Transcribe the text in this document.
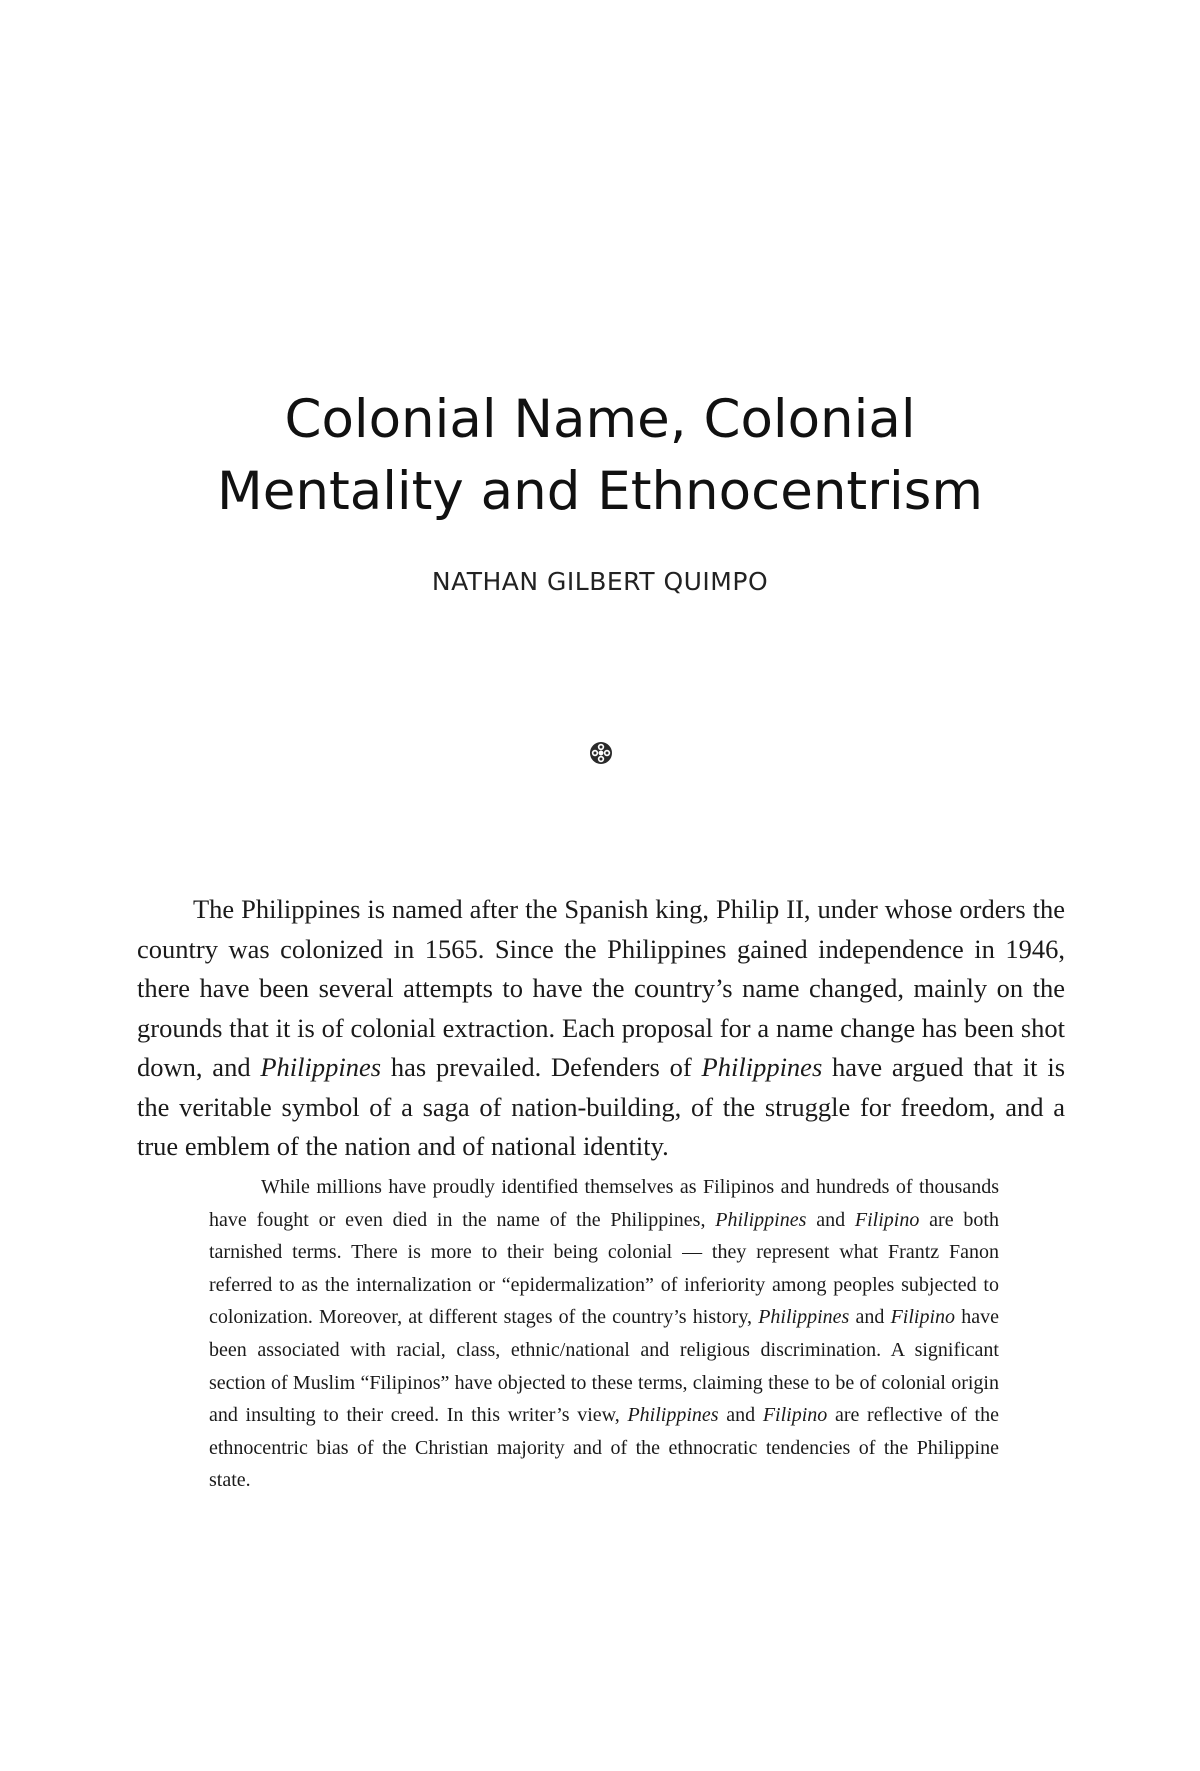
Colonial Name, Colonial
Mentality and Ethnocentrism
NATHAN GILBERT QUIMPO

The Philippines is named after the Spanish king, Philip II, under whose orders the country was colonized in 1565. Since the Philippines gained independence in 1946, there have been several attempts to have the country’s name changed, mainly on the grounds that it is of colonial extraction. Each proposal for a name change has been shot down, and Philippines has prevailed. Defenders of Philippines have argued that it is the veritable symbol of a saga of nation-building, of the struggle for freedom, and a true emblem of the nation and of national identity.

While millions have proudly identified themselves as Filipinos and hundreds of thousands have fought or even died in the name of the Philippines, Philippines and Filipino are both tarnished terms. There is more to their being colonial — they represent what Frantz Fanon referred to as the internalization or “epidermalization” of inferiority among peoples subjected to colonization. Moreover, at different stages of the country’s history, Philippines and Filipino have been associated with racial, class, ethnic/national and religious discrimination. A significant section of Muslim “Filipinos” have objected to these terms, claiming these to be of colonial origin and insulting to their creed. In this writer’s view, Philippines and Filipino are reflective of the ethnocentric bias of the Christian majority and of the ethnocratic tendencies of the Philippine state.
